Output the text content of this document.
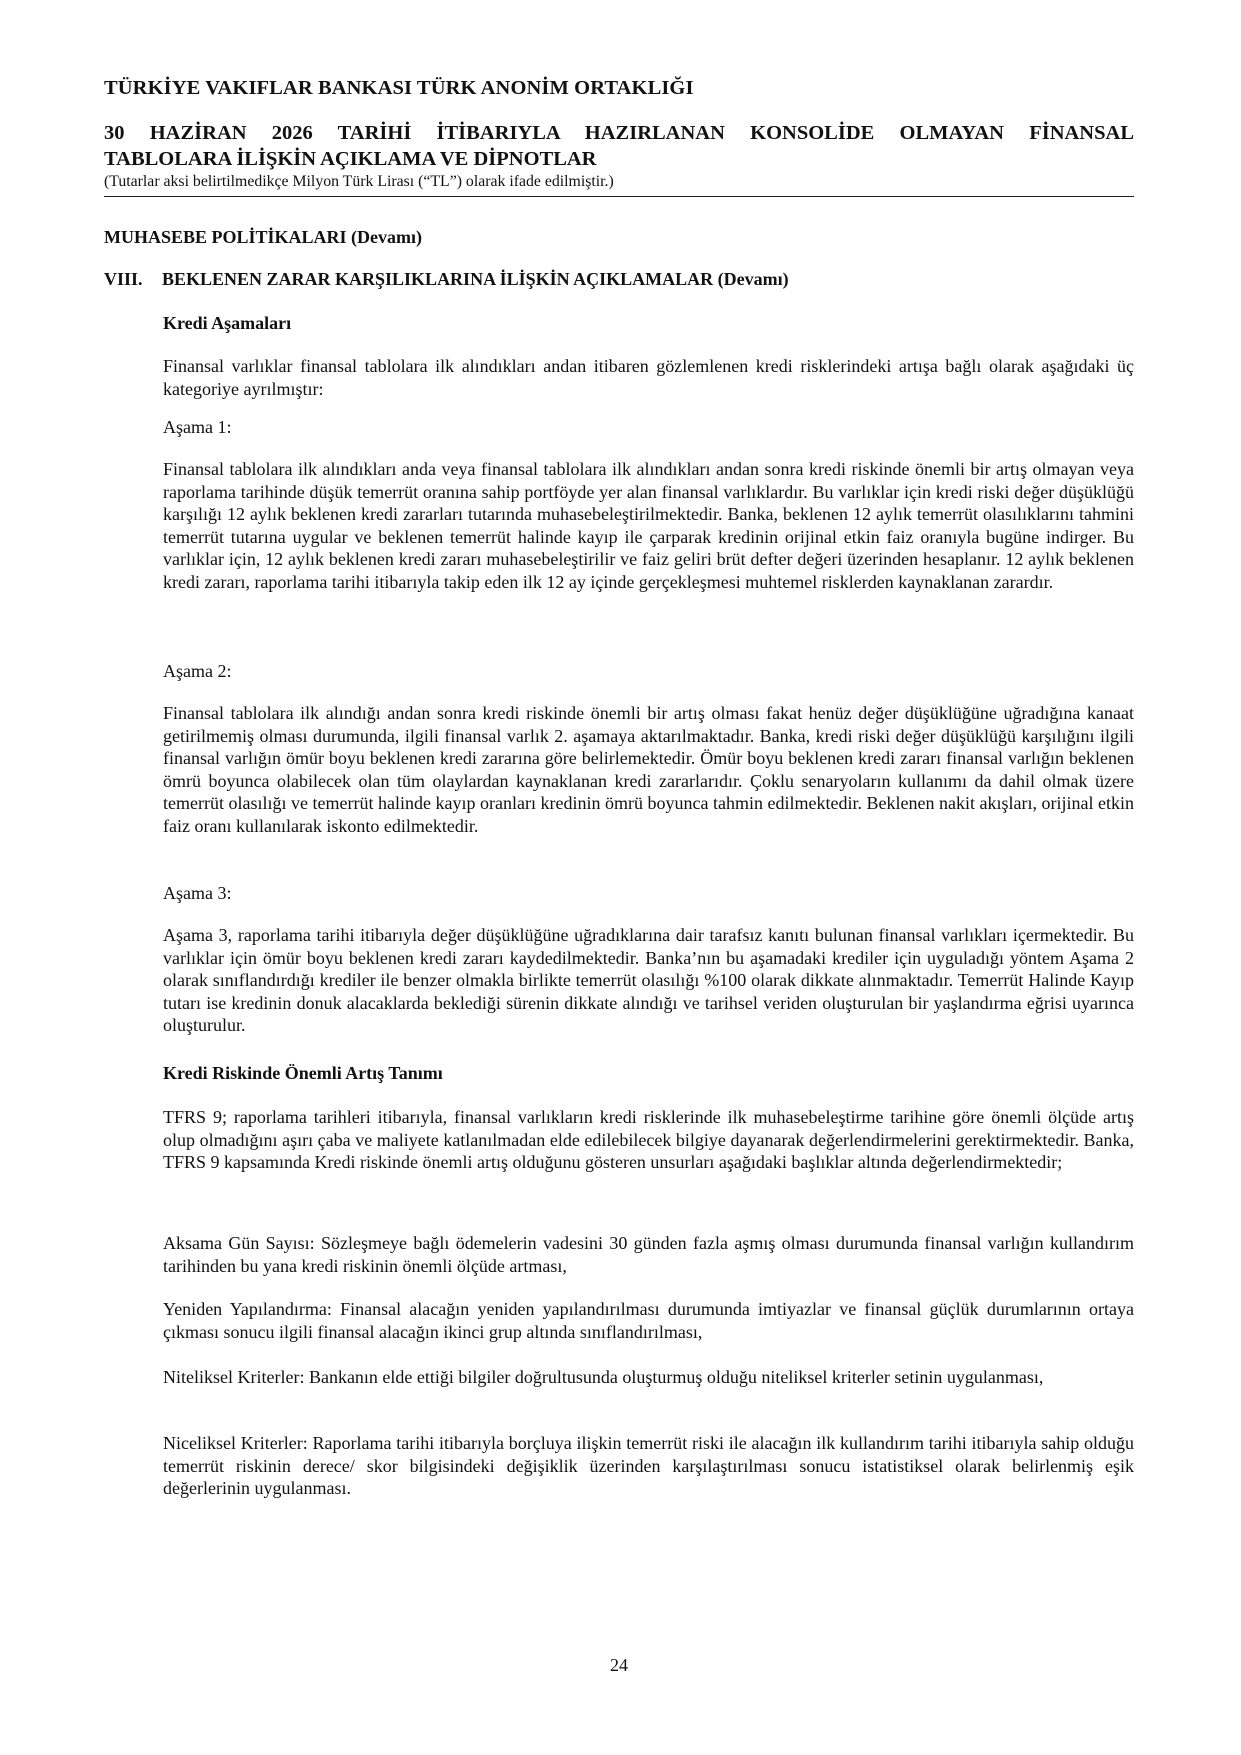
TÜRKİYE VAKIFLAR BANKASI TÜRK ANONİM ORTAKLIĞI
30 HAZİRAN 2026 TARİHİ İTİBARIYLA HAZIRLANAN KONSOLİDE OLMAYAN FİNANSAL
TABLOLARA İLİŞKİN AÇIKLAMA VE DİPNOTLAR
(Tutarlar aksi belirtilmedikçe Milyon Türk Lirası (“TL”) olarak ifade edilmiştir.)
MUHASEBE POLİTİKALARI (Devamı)
VIII. BEKLENEN ZARAR KARŞILIKLARINA İLİŞKİN AÇIKLAMALAR (Devamı)
Kredi Aşamaları

Finansal varlıklar finansal tablolara ilk alındıkları andan itibaren gözlemlenen kredi risklerindeki artışa bağlı olarak aşağıdaki üç kategoriye ayrılmıştır:

Aşama 1:

Finansal tablolara ilk alındıkları anda veya finansal tablolara ilk alındıkları andan sonra kredi riskinde önemli bir artış olmayan veya raporlama tarihinde düşük temerrüt oranına sahip portföyde yer alan finansal varlıklardır. Bu varlıklar için kredi riski değer düşüklüğü karşılığı 12 aylık beklenen kredi zararları tutarında muhasebeleştirilmektedir. Banka, beklenen 12 aylık temerrüt olasılıklarını tahmini temerrüt tutarına uygular ve beklenen temerrüt halinde kayıp ile çarparak kredinin orijinal etkin faiz oranıyla bugüne indirger. Bu varlıklar için, 12 aylık beklenen kredi zararı muhasebeleştirilir ve faiz geliri brüt defter değeri üzerinden hesaplanır. 12 aylık beklenen kredi zararı, raporlama tarihi itibarıyla takip eden ilk 12 ay içinde gerçekleşmesi muhtemel risklerden kaynaklanan zarardır.

Aşama 2:

Finansal tablolara ilk alındığı andan sonra kredi riskinde önemli bir artış olması fakat henüz değer düşüklüğüne uğradığına kanaat getirilmemiş olması durumunda, ilgili finansal varlık 2. aşamaya aktarılmaktadır. Banka, kredi riski değer düşüklüğü karşılığını ilgili finansal varlığın ömür boyu beklenen kredi zararına göre belirlemektedir. Ömür boyu beklenen kredi zararı finansal varlığın beklenen ömrü boyunca olabilecek olan tüm olaylardan kaynaklanan kredi zararlarıdır. Çoklu senaryoların kullanımı da dahil olmak üzere temerrüt olasılığı ve temerrüt halinde kayıp oranları kredinin ömrü boyunca tahmin edilmektedir. Beklenen nakit akışları, orijinal etkin faiz oranı kullanılarak iskonto edilmektedir.

Aşama 3:

Aşama 3, raporlama tarihi itibarıyla değer düşüklüğüne uğradıklarına dair tarafsız kanıtı bulunan finansal varlıkları içermektedir. Bu varlıklar için ömür boyu beklenen kredi zararı kaydedilmektedir. Banka’nın bu aşamadaki krediler için uyguladığı yöntem Aşama 2 olarak sınıflandırdığı krediler ile benzer olmakla birlikte temerrüt olasılığı %100 olarak dikkate alınmaktadır. Temerrüt Halinde Kayıp tutarı ise kredinin donuk alacaklarda beklediği sürenin dikkate alındığı ve tarihsel veriden oluşturulan bir yaşlandırma eğrisi uyarınca oluşturulur.

Kredi Riskinde Önemli Artış Tanımı

TFRS 9; raporlama tarihleri itibarıyla, finansal varlıkların kredi risklerinde ilk muhasebeleştirme tarihine göre önemli ölçüde artış olup olmadığını aşırı çaba ve maliyete katlanılmadan elde edilebilecek bilgiye dayanarak değerlendirmelerini gerektirmektedir. Banka, TFRS 9 kapsamında Kredi riskinde önemli artış olduğunu gösteren unsurları aşağıdaki başlıklar altında değerlendirmektedir;

Aksama Gün Sayısı: Sözleşmeye bağlı ödemelerin vadesini 30 günden fazla aşmış olması durumunda finansal varlığın kullandırım tarihinden bu yana kredi riskinin önemli ölçüde artması,

Yeniden Yapılandırma: Finansal alacağın yeniden yapılandırılması durumunda imtiyazlar ve finansal güçlük durumlarının ortaya çıkması sonucu ilgili finansal alacağın ikinci grup altında sınıflandırılması,

Niteliksel Kriterler: Bankanın elde ettiği bilgiler doğrultusunda oluşturmuş olduğu niteliksel kriterler setinin uygulanması,

Niceliksel Kriterler: Raporlama tarihi itibarıyla borçluya ilişkin temerrüt riski ile alacağın ilk kullandırım tarihi itibarıyla sahip olduğu temerrüt riskinin derece/ skor bilgisindeki değişiklik üzerinden karşılaştırılması sonucu istatistiksel olarak belirlenmiş eşik değerlerinin uygulanması.

24
